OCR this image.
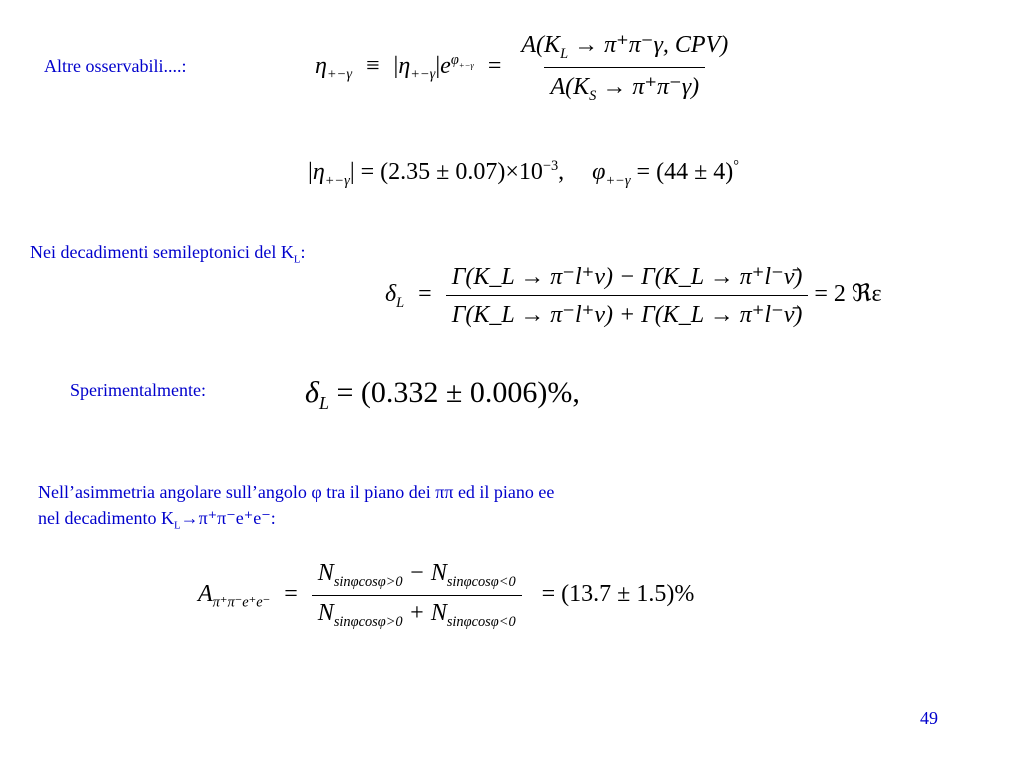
Altre osservabili....:
Nei decadimenti semileptonici del $K_L$:
Sperimentalmente:
Nell’asimmetria angolare sull’angolo φ tra il piano dei ππ ed il piano ee
nel decadimento $K_L\to\pi^+\pi^-e^+e^-$:
$\eta_{+-\gamma} \equiv |\eta_{+-\gamma}|e^{\varphi_{+-\gamma}} = \frac{A(K_L \to \pi^+\pi^-\gamma, CPV)}{A(K_S \to \pi^+\pi^-\gamma)}$
$|\eta_{+-\gamma}| = (2.35 \pm 0.07)\times 10^{-3}$,  $\varphi_{+-\gamma} = (44 \pm 4)^\circ$
$\delta_L = \frac{\Gamma(K\_L \to \pi^-l^+\nu) - \Gamma(K\_L \to \pi^+l^-\nū)}{\Gamma(K\_L \to \pi^-l^+\nu) + \Gamma(K\_L \to \pi^+l^-\nū)} = 2$ ℜε
$\delta_L = (0.332 \pm 0.006)\%$,
$A_{\pi^+\pi^-e^+e^-} = \frac{N_{sin\varphi cos\varphi>0} - N_{sin\varphi cos\varphi<0}}{N_{sin\varphi cos\varphi>0} + N_{sin\varphi cos\varphi<0}} = (13.7 \pm 1.5)\%$
49
